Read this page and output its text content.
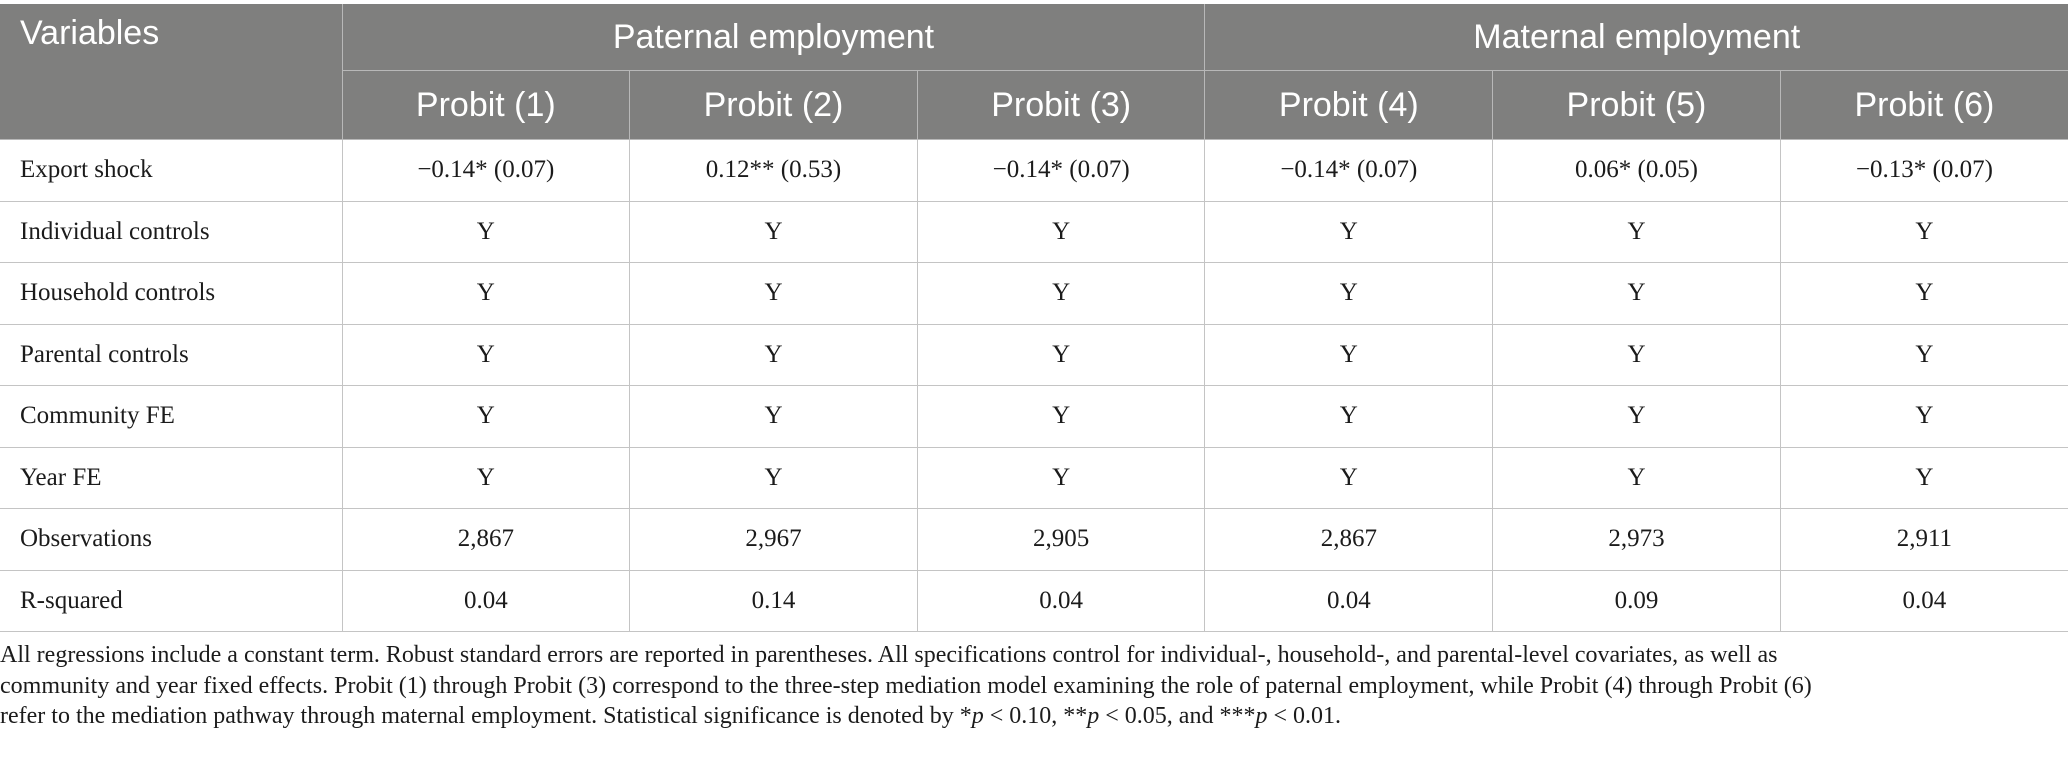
Variables	Paternal employment			Maternal employment		
	Probit (1)	Probit (2)	Probit (3)	Probit (4)	Probit (5)	Probit (6)
Export shock	−0.14* (0.07)	0.12** (0.53)	−0.14* (0.07)	−0.14* (0.07)	0.06* (0.05)	−0.13* (0.07)
Individual controls	Y	Y	Y	Y	Y	Y
Household controls	Y	Y	Y	Y	Y	Y
Parental controls	Y	Y	Y	Y	Y	Y
Community FE	Y	Y	Y	Y	Y	Y
Year FE	Y	Y	Y	Y	Y	Y
Observations	2,867	2,967	2,905	2,867	2,973	2,911
R-squared	0.04	0.14	0.04	0.04	0.09	0.04

All regressions include a constant term. Robust standard errors are reported in parentheses. All specifications control for individual-, household-, and parental-level covariates, as well as
community and year fixed effects. Probit (1) through Probit (3) correspond to the three-step mediation model examining the role of paternal employment, while Probit (4) through Probit (6)
refer to the mediation pathway through maternal employment. Statistical significance is denoted by *p < 0.10, **p < 0.05, and ***p < 0.01.
